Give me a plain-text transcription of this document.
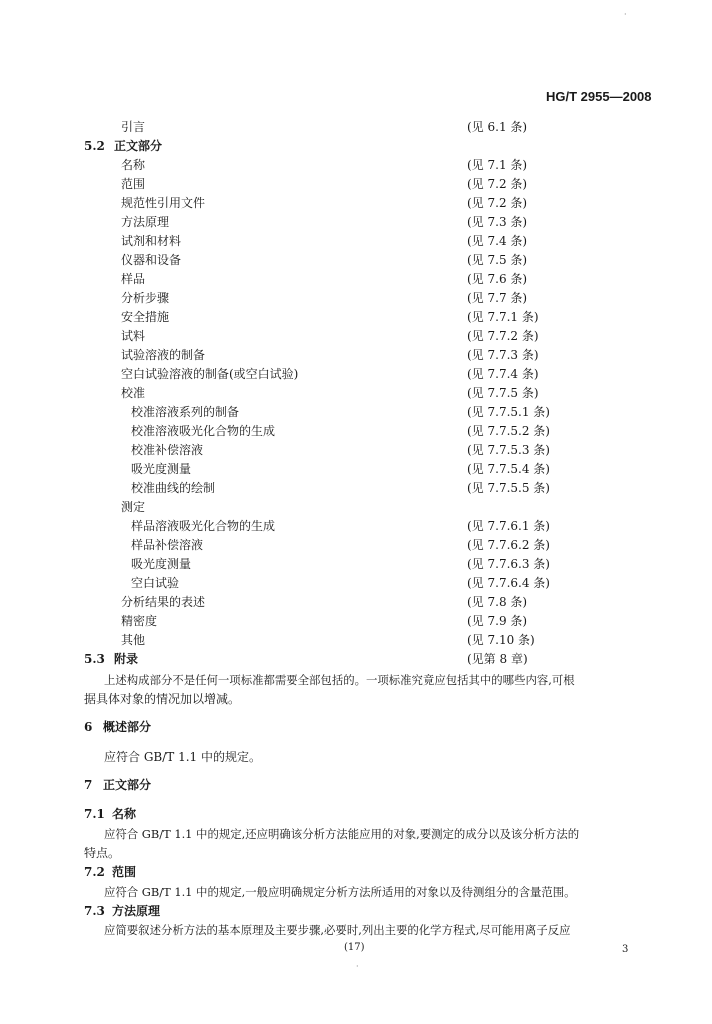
HG/T 2955—2008
引言	(见 6.1 条)
5.2 正文部分
名称	(见 7.1 条)
范围	(见 7.2 条)
规范性引用文件	(见 7.2 条)
方法原理	(见 7.3 条)
试剂和材料	(见 7.4 条)
仪器和设备	(见 7.5 条)
样品	(见 7.6 条)
分析步骤	(见 7.7 条)
安全措施	(见 7.7.1 条)
试料	(见 7.7.2 条)
试验溶液的制备	(见 7.7.3 条)
空白试验溶液的制备(或空白试验)	(见 7.7.4 条)
校准	(见 7.7.5 条)
校准溶液系列的制备	(见 7.7.5.1 条)
校准溶液吸光化合物的生成	(见 7.7.5.2 条)
校准补偿溶液	(见 7.7.5.3 条)
吸光度测量	(见 7.7.5.4 条)
校准曲线的绘制	(见 7.7.5.5 条)
测定
样品溶液吸光化合物的生成	(见 7.7.6.1 条)
样品补偿溶液	(见 7.7.6.2 条)
吸光度测量	(见 7.7.6.3 条)
空白试验	(见 7.7.6.4 条)
分析结果的表述	(见 7.8 条)
精密度	(见 7.9 条)
其他	(见 7.10 条)
5.3 附录	(见第 8 章)
上述构成部分不是任何一项标准都需要全部包括的。一项标准究竟应包括其中的哪些内容,可根
据具体对象的情况加以增减。
6 概述部分
应符合 GB/T 1.1 中的规定。
7 正文部分
7.1 名称
应符合 GB/T 1.1 中的规定,还应明确该分析方法能应用的对象,要测定的成分以及该分析方法的
特点。
7.2 范围
应符合 GB/T 1.1 中的规定,一般应明确规定分析方法所适用的对象以及待测组分的含量范围。
7.3 方法原理
应简要叙述分析方法的基本原理及主要步骤,必要时,列出主要的化学方程式,尽可能用离子反应
(17)	3
·
·
